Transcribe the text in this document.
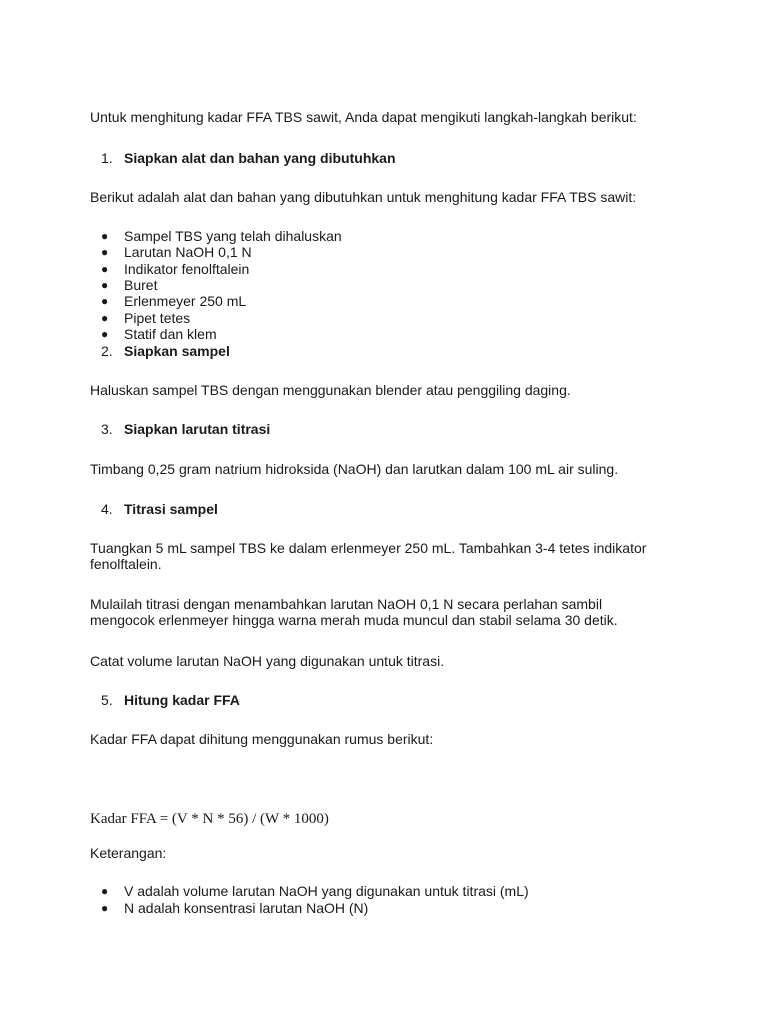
Untuk menghitung kadar FFA TBS sawit, Anda dapat mengikuti langkah-langkah berikut:
1. Siapkan alat dan bahan yang dibutuhkan
Berikut adalah alat dan bahan yang dibutuhkan untuk menghitung kadar FFA TBS sawit:
● Sampel TBS yang telah dihaluskan
● Larutan NaOH 0,1 N
● Indikator fenolftalein
● Buret
● Erlenmeyer 250 mL
● Pipet tetes
● Statif dan klem
2. Siapkan sampel
Haluskan sampel TBS dengan menggunakan blender atau penggiling daging.
3. Siapkan larutan titrasi
Timbang 0,25 gram natrium hidroksida (NaOH) dan larutkan dalam 100 mL air suling.
4. Titrasi sampel
Tuangkan 5 mL sampel TBS ke dalam erlenmeyer 250 mL. Tambahkan 3-4 tetes indikator
fenolftalein.
Mulailah titrasi dengan menambahkan larutan NaOH 0,1 N secara perlahan sambil
mengocok erlenmeyer hingga warna merah muda muncul dan stabil selama 30 detik.
Catat volume larutan NaOH yang digunakan untuk titrasi.
5. Hitung kadar FFA
Kadar FFA dapat dihitung menggunakan rumus berikut:
Kadar FFA = (V * N * 56) / (W * 1000)
Keterangan:
● V adalah volume larutan NaOH yang digunakan untuk titrasi (mL)
● N adalah konsentrasi larutan NaOH (N)
